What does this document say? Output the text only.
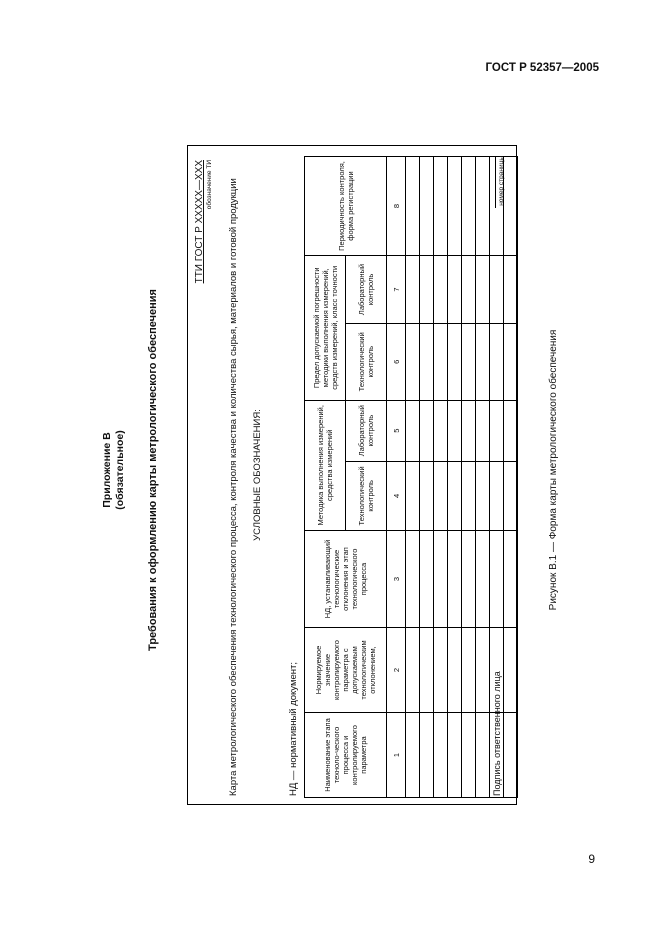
ГОСТ Р 52357—2005
Приложение В (обязательное) Требования к оформлению карты метрологического обеспечения
ТТИ ГОСТ Р ХХХХХ—ХХХ обозначение ТИ Карта метрологического обеспечения технологического процесса, контроля качества и количества сырья, материалов и готовой продукции УСЛОВНЫЕ ОБОЗНАЧЕНИЯ:
НД — нормативный документ;	Наименование этапа техноло-ческого процесса и контролируемого параметра	Нормируемое значение контролируемого параметра с допускаемым технологическим отклонением,	НД, устанавливающий технологические отклонения и этап технологического процесса	Методика выполнения измерений, средства измерений		Предел допускаемой погрешности методики выполнения измерений, средств измерений, класс точности		Периодичность контроля, форма регистрации
			Технологический контроль	Лабораторный контроль	Технологический контроль	Лабораторный контроль	
1	2	3	4	5	6	7	8

Подпись ответственного лица
номер страницы
Рисунок В.1 — Форма карты метрологического обеспечения
9
